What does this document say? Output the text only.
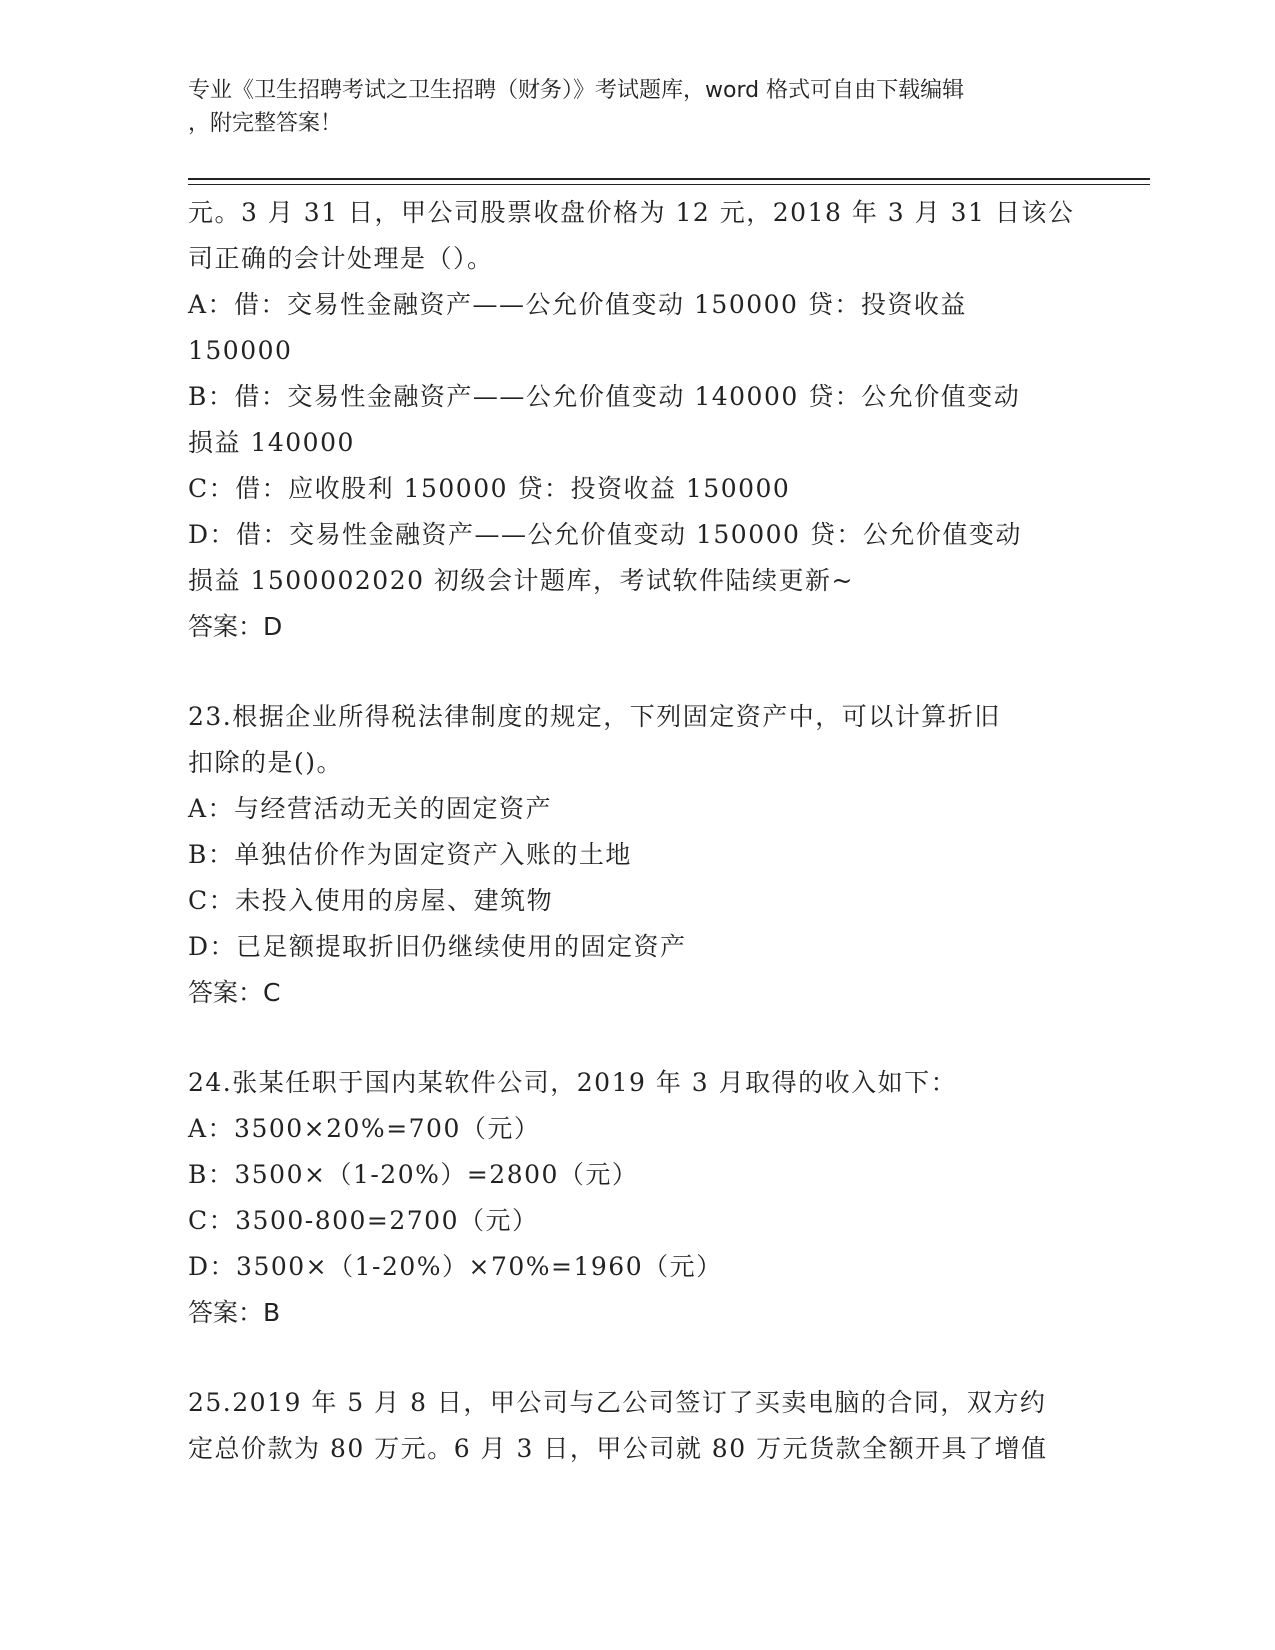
专业《卫生招聘考试之卫生招聘（财务）》考试题库，word 格式可自由下载编辑
，附完整答案！
元。3 月 31 日，甲公司股票收盘价格为 12 元，2018 年 3 月 31 日该公
司正确的会计处理是（）。
A：借：交易性金融资产——公允价值变动 150000 贷：投资收益
150000
B：借：交易性金融资产——公允价值变动 140000 贷：公允价值变动
损益 140000
C：借：应收股利 150000 贷：投资收益 150000
D：借：交易性金融资产——公允价值变动 150000 贷：公允价值变动
损益 1500002020 初级会计题库，考试软件陆续更新~
答案：D
23.根据企业所得税法律制度的规定，下列固定资产中，可以计算折旧
扣除的是()。
A：与经营活动无关的固定资产
B：单独估价作为固定资产入账的土地
C：未投入使用的房屋、建筑物
D：已足额提取折旧仍继续使用的固定资产
答案：C
24.张某任职于国内某软件公司，2019 年 3 月取得的收入如下：
A：3500×20%=700（元）
B：3500×（1-20%）=2800（元）
C：3500-800=2700（元）
D：3500×（1-20%）×70%=1960（元）
答案：B
25.2019 年 5 月 8 日，甲公司与乙公司签订了买卖电脑的合同，双方约
定总价款为 80 万元。6 月 3 日，甲公司就 80 万元货款全额开具了增值
